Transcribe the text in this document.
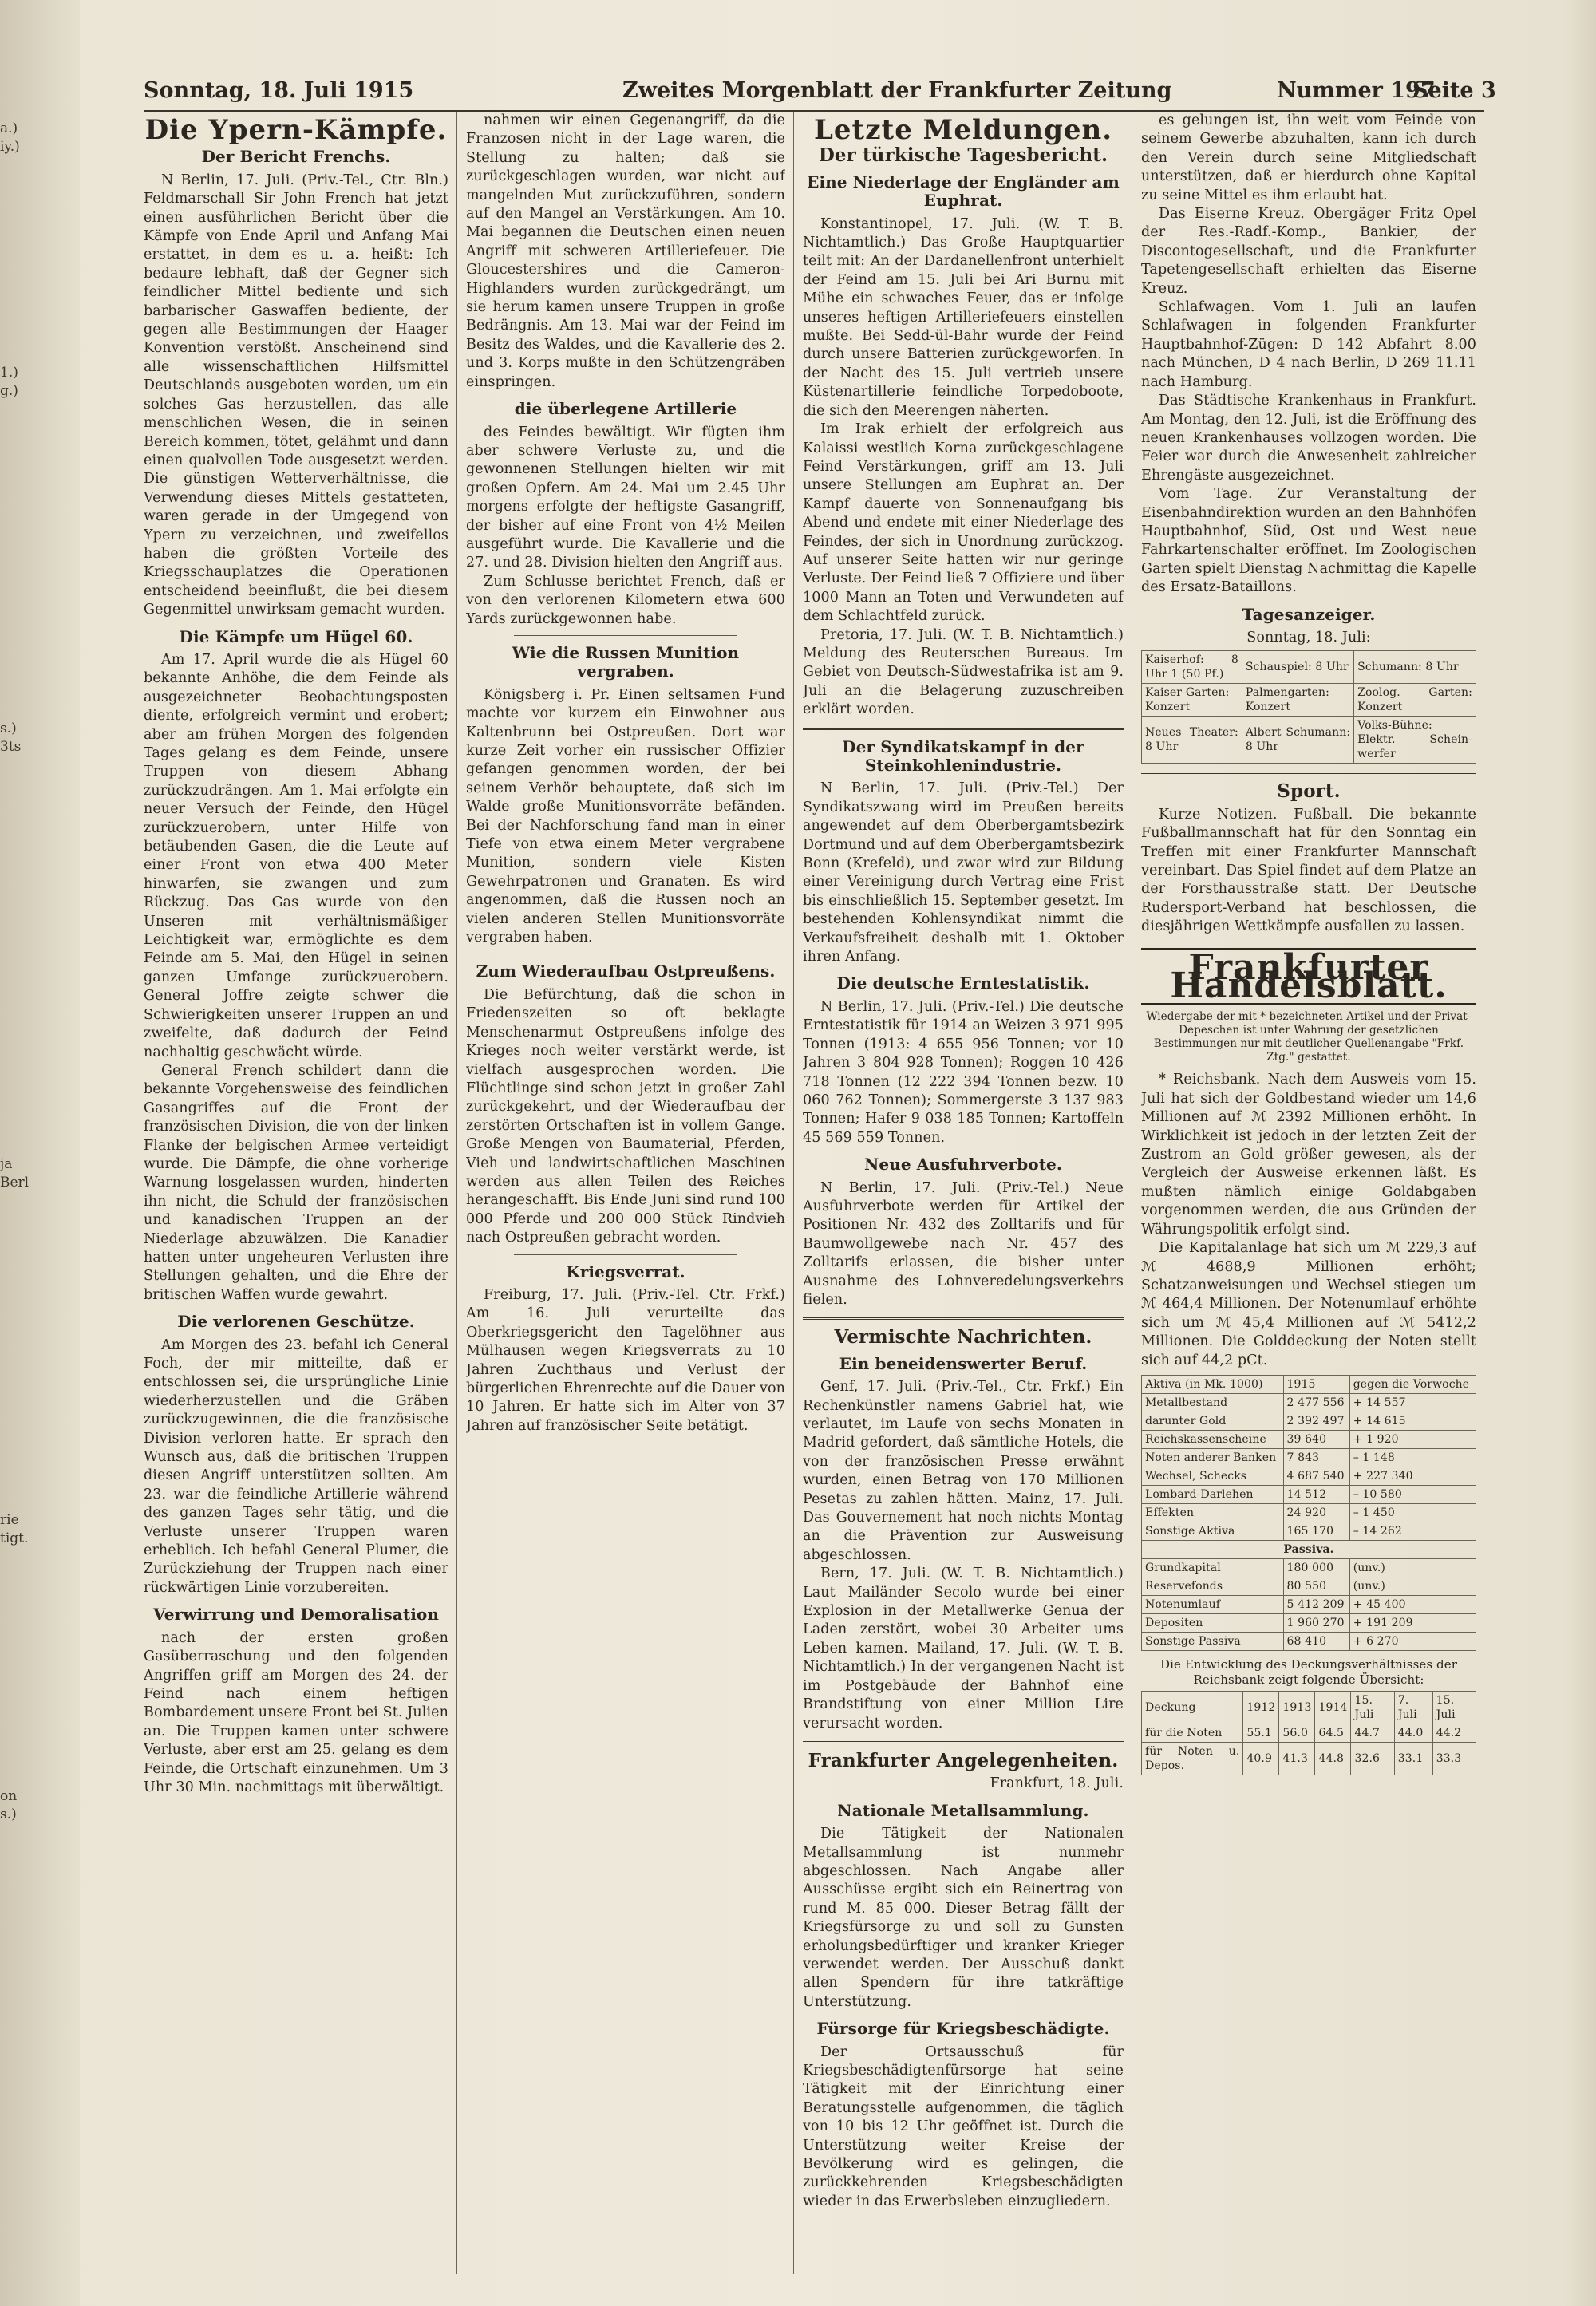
a.)
iy.)
1.)
g.)
s.)
3ts
ja
Berl
rie
tigt.
on
s.)
Sonntag, 18. Juli 1915	Zweites Morgenblatt der Frankfurter Zeitung	Nummer 197
Seite 3
Die Ypern-Kämpfe.
Der Bericht Frenchs.

N Berlin, 17. Juli. (Priv.-Tel., Ctr. Bln.) Feldmarschall Sir John French hat jetzt einen ausführlichen Bericht über die Kämpfe von Ende April und Anfang Mai erstattet, in dem es u. a. heißt: Ich bedaure lebhaft, daß der Gegner sich feindlicher Mittel bediente und sich barbarischer Gaswaffen bediente, der gegen alle Bestimmungen der Haager Konvention verstößt. Anscheinend sind alle wissenschaftlichen Hilfsmittel Deutschlands ausgeboten worden, um ein solches Gas herzustellen, das alle menschlichen Wesen, die in seinen Bereich kommen, tötet, gelähmt und dann einen qualvollen Tode ausgesetzt werden. Die günstigen Wetterverhältnisse, die Verwendung dieses Mittels gestatteten, waren gerade in der Umgegend von Ypern zu verzeichnen, und zweifellos haben die größten Vorteile des Kriegsschauplatzes die Operationen entscheidend beeinflußt, die bei diesem Gegenmittel unwirksam gemacht wurden.

Die Kämpfe um Hügel 60.

Am 17. April wurde die als Hügel 60 bekannte Anhöhe, die dem Feinde als ausgezeichneter Beobachtungsposten diente, erfolgreich vermint und erobert; aber am frühen Morgen des folgenden Tages gelang es dem Feinde, unsere Truppen von diesem Abhang zurückzudrängen. Am 1. Mai erfolgte ein neuer Versuch der Feinde, den Hügel zurückzuerobern, unter Hilfe von betäubenden Gasen, die die Leute auf einer Front von etwa 400 Meter hinwarfen, sie zwangen und zum Rückzug. Das Gas wurde von den Unseren mit verhältnismäßiger Leichtigkeit war, ermöglichte es dem Feinde am 5. Mai, den Hügel in seinen ganzen Umfange zurückzuerobern. General Joffre zeigte schwer die Schwierigkeiten unserer Truppen an und zweifelte, daß dadurch der Feind nachhaltig geschwächt würde.

General French schildert dann die bekannte Vorgehensweise des feindlichen Gasangriffes auf die Front der französischen Division, die von der linken Flanke der belgischen Armee verteidigt wurde. Die Dämpfe, die ohne vorherige Warnung losgelassen wurden, hinderten ihn nicht, die Schuld der französischen und kanadischen Truppen an der Niederlage abzuwälzen. Die Kanadier hatten unter ungeheuren Verlusten ihre Stellungen gehalten, und die Ehre der britischen Waffen wurde gewahrt.

Die verlorenen Geschütze.

Am Morgen des 23. befahl ich General Foch, der mir mitteilte, daß er entschlossen sei, die ursprüngliche Linie wiederherzustellen und die Gräben zurückzugewinnen, die die französische Division verloren hatte. Er sprach den Wunsch aus, daß die britischen Truppen diesen Angriff unterstützen sollten. Am 23. war die feindliche Artillerie während des ganzen Tages sehr tätig, und die Verluste unserer Truppen waren erheblich. Ich befahl General Plumer, die Zurückziehung der Truppen nach einer rückwärtigen Linie vorzubereiten.

Verwirrung und Demoralisation

nach der ersten großen Gasüberraschung und den folgenden Angriffen griff am Morgen des 24. der Feind nach einem heftigen Bombardement unsere Front bei St. Julien an. Die Truppen kamen unter schwere Verluste, aber erst am 25. gelang es dem Feinde, die Ortschaft einzunehmen. Um 3 Uhr 30 Min. nachmittags mit überwältigt.

nahmen wir einen Gegenangriff, da die Franzosen nicht in der Lage waren, die Stellung zu halten; daß sie zurückgeschlagen wurden, war nicht auf mangelnden Mut zurückzuführen, sondern auf den Mangel an Verstärkungen. Am 10. Mai begannen die Deutschen einen neuen Angriff mit schweren Artilleriefeuer. Die Gloucestershires und die Cameron-Highlanders wurden zurückgedrängt, um sie herum kamen unsere Truppen in große Bedrängnis. Am 13. Mai war der Feind im Besitz des Waldes, und die Kavallerie des 2. und 3. Korps mußte in den Schützengräben einspringen.

die überlegene Artillerie

des Feindes bewältigt. Wir fügten ihm aber schwere Verluste zu, und die gewonnenen Stellungen hielten wir mit großen Opfern. Am 24. Mai um 2.45 Uhr morgens erfolgte der heftigste Gasangriff, der bisher auf eine Front von 4½ Meilen ausgeführt wurde. Die Kavallerie und die 27. und 28. Division hielten den Angriff aus.

Zum Schlusse berichtet French, daß er von den verlorenen Kilometern etwa 600 Yards zurückgewonnen habe.

Wie die Russen Munition vergraben.

Königsberg i. Pr. Einen seltsamen Fund machte vor kurzem ein Einwohner aus Kaltenbrunn bei Ostpreußen. Dort war kurze Zeit vorher ein russischer Offizier gefangen genommen worden, der bei seinem Verhör behauptete, daß sich im Walde große Munitionsvorräte befänden. Bei der Nachforschung fand man in einer Tiefe von etwa einem Meter vergrabene Munition, sondern viele Kisten Gewehrpatronen und Granaten. Es wird angenommen, daß die Russen noch an vielen anderen Stellen Munitionsvorräte vergraben haben.

Zum Wiederaufbau Ostpreußens.

Die Befürchtung, daß die schon in Friedenszeiten so oft beklagte Menschenarmut Ostpreußens infolge des Krieges noch weiter verstärkt werde, ist vielfach ausgesprochen worden. Die Flüchtlinge sind schon jetzt in großer Zahl zurückgekehrt, und der Wiederaufbau der zerstörten Ortschaften ist in vollem Gange. Große Mengen von Baumaterial, Pferden, Vieh und landwirtschaftlichen Maschinen werden aus allen Teilen des Reiches herangeschafft. Bis Ende Juni sind rund 100 000 Pferde und 200 000 Stück Rindvieh nach Ostpreußen gebracht worden.

Kriegsverrat.

Freiburg, 17. Juli. (Priv.-Tel. Ctr. Frkf.) Am 16. Juli verurteilte das Oberkriegsgericht den Tagelöhner aus Mülhausen wegen Kriegsverrats zu 10 Jahren Zuchthaus und Verlust der bürgerlichen Ehrenrechte auf die Dauer von 10 Jahren. Er hatte sich im Alter von 37 Jahren auf französischer Seite betätigt.

Letzte Meldungen.
Der türkische Tagesbericht.
Eine Niederlage der Engländer am Euphrat.

Konstantinopel, 17. Juli. (W. T. B. Nichtamtlich.) Das Große Hauptquartier teilt mit: An der Dardanellenfront unterhielt der Feind am 15. Juli bei Ari Burnu mit Mühe ein schwaches Feuer, das er infolge unseres heftigen Artilleriefeuers einstellen mußte. Bei Sedd-ül-Bahr wurde der Feind durch unsere Batterien zurückgeworfen. In der Nacht des 15. Juli vertrieb unsere Küstenartillerie feindliche Torpedoboote, die sich den Meerengen näherten.

Im Irak erhielt der erfolgreich aus Kalaissi westlich Korna zurückgeschlagene Feind Verstärkungen, griff am 13. Juli unsere Stellungen am Euphrat an. Der Kampf dauerte von Sonnenaufgang bis Abend und endete mit einer Niederlage des Feindes, der sich in Unordnung zurückzog. Auf unserer Seite hatten wir nur geringe Verluste. Der Feind ließ 7 Offiziere und über 1000 Mann an Toten und Verwundeten auf dem Schlachtfeld zurück.

Pretoria, 17. Juli. (W. T. B. Nichtamtlich.) Meldung des Reuterschen Bureaus. Im Gebiet von Deutsch-Südwestafrika ist am 9. Juli an die Belagerung zuzuschreiben erklärt worden.

Der Syndikatskampf in der Steinkohlenindustrie.

N Berlin, 17. Juli. (Priv.-Tel.) Der Syndikatszwang wird im Preußen bereits angewendet auf dem Oberbergamtsbezirk Dortmund und auf dem Oberbergamtsbezirk Bonn (Krefeld), und zwar wird zur Bildung einer Vereinigung durch Vertrag eine Frist bis einschließlich 15. September gesetzt. Im bestehenden Kohlensyndikat nimmt die Verkaufsfreiheit deshalb mit 1. Oktober ihren Anfang.

Die deutsche Erntestatistik.

N Berlin, 17. Juli. (Priv.-Tel.) Die deutsche Erntestatistik für 1914 an Weizen 3 971 995 Tonnen (1913: 4 655 956 Tonnen; vor 10 Jahren 3 804 928 Tonnen); Roggen 10 426 718 Tonnen (12 222 394 Tonnen bezw. 10 060 762 Tonnen); Sommergerste 3 137 983 Tonnen; Hafer 9 038 185 Tonnen; Kartoffeln 45 569 559 Tonnen.

Neue Ausfuhrverbote.

N Berlin, 17. Juli. (Priv.-Tel.) Neue Ausfuhrverbote werden für Artikel der Positionen Nr. 432 des Zolltarifs und für Baumwollgewebe nach Nr. 457 des Zolltarifs erlassen, die bisher unter Ausnahme des Lohnveredelungsverkehrs fielen.

Vermischte Nachrichten.
Ein beneidenswerter Beruf.

Genf, 17. Juli. (Priv.-Tel., Ctr. Frkf.) Ein Rechenkünstler namens Gabriel hat, wie verlautet, im Laufe von sechs Monaten in Madrid gefordert, daß sämtliche Hotels, die von der französischen Presse erwähnt wurden, einen Betrag von 170 Millionen Pesetas zu zahlen hätten. Mainz, 17. Juli. Das Gouvernement hat noch nichts Montag an die Prävention zur Ausweisung abgeschlossen.

Bern, 17. Juli. (W. T. B. Nichtamtlich.) Laut Mailänder Secolo wurde bei einer Explosion in der Metallwerke Genua der Laden zerstört, wobei 30 Arbeiter ums Leben kamen. Mailand, 17. Juli. (W. T. B. Nichtamtlich.) In der vergangenen Nacht ist im Postgebäude der Bahnhof eine Brandstiftung von einer Million Lire verursacht worden.

Frankfurter Angelegenheiten.
Frankfurt, 18. Juli.
Nationale Metallsammlung.

Die Tätigkeit der Nationalen Metallsammlung ist nunmehr abgeschlossen. Nach Angabe aller Ausschüsse ergibt sich ein Reinertrag von rund M. 85 000. Dieser Betrag fällt der Kriegsfürsorge zu und soll zu Gunsten erholungsbedürftiger und kranker Krieger verwendet werden. Der Ausschuß dankt allen Spendern für ihre tatkräftige Unterstützung.

Fürsorge für Kriegsbeschädigte.

Der Ortsausschuß für Kriegsbeschädigtenfürsorge hat seine Tätigkeit mit der Einrichtung einer Beratungsstelle aufgenommen, die täglich von 10 bis 12 Uhr geöffnet ist. Durch die Unterstützung weiter Kreise der Bevölkerung wird es gelingen, die zurückkehrenden Kriegsbeschädigten wieder in das Erwerbsleben einzugliedern.

es gelungen ist, ihn weit vom Feinde von seinem Gewerbe abzuhalten, kann ich durch den Verein durch seine Mitgliedschaft unterstützen, daß er hierdurch ohne Kapital zu seine Mittel es ihm erlaubt hat.

Das Eiserne Kreuz. Obergäger Fritz Opel der Res.-Radf.-Komp., Bankier, der Discontogesellschaft, und die Frankfurter Tapetengesellschaft erhielten das Eiserne Kreuz.

Schlafwagen. Vom 1. Juli an laufen Schlafwagen in folgenden Frankfurter Hauptbahnhof-Zügen: D 142 Abfahrt 8.00 nach München, D 4 nach Berlin, D 269 11.11 nach Hamburg.

Das Städtische Krankenhaus in Frankfurt. Am Montag, den 12. Juli, ist die Eröffnung des neuen Krankenhauses vollzogen worden. Die Feier war durch die Anwesenheit zahlreicher Ehrengäste ausgezeichnet.

Vom Tage. Zur Veranstaltung der Eisenbahndirektion wurden an den Bahnhöfen Hauptbahnhof, Süd, Ost und West neue Fahrkartenschalter eröffnet. Im Zoologischen Garten spielt Dienstag Nachmittag die Kapelle des Ersatz-Bataillons.

Tagesanzeiger.
Sonntag, 18. Juli:
Kaiserhof: 8 Uhr 1 (50 Pf.)	Schauspiel: 8 Uhr	Schumann: 8 Uhr
Kaiser-Garten: Konzert	Palmengarten: Konzert	Zoolog. Garten: Konzert
Neues Theater: 8 Uhr	Albert Schumann: 8 Uhr	Volks-Bühne: Elektr. Schein-werfer
Sport.

Kurze Notizen. Fußball. Die bekannte Fußballmannschaft hat für den Sonntag ein Treffen mit einer Frankfurter Mannschaft vereinbart. Das Spiel findet auf dem Platze an der Forsthausstraße statt. Der Deutsche Rudersport-Verband hat beschlossen, die diesjährigen Wettkämpfe ausfallen zu lassen.

Frankfurter Handelsblatt.
Wiedergabe der mit * bezeichneten Artikel und der Privat-Depeschen ist unter Wahrung der gesetzlichen Bestimmungen nur mit deutlicher Quellenangabe "Frkf. Ztg." gestattet.

* Reichsbank. Nach dem Ausweis vom 15. Juli hat sich der Goldbestand wieder um 14,6 Millionen auf ℳ 2392 Millionen erhöht. In Wirklichkeit ist jedoch in der letzten Zeit der Zustrom an Gold größer gewesen, als der Vergleich der Ausweise erkennen läßt. Es mußten nämlich einige Goldabgaben vorgenommen werden, die aus Gründen der Währungspolitik erfolgt sind.

Die Kapitalanlage hat sich um ℳ 229,3 auf ℳ 4688,9 Millionen erhöht; Schatzanweisungen und Wechsel stiegen um ℳ 464,4 Millionen. Der Notenumlauf erhöhte sich um ℳ 45,4 Millionen auf ℳ 5412,2 Millionen. Die Golddeckung der Noten stellt sich auf 44,2 pCt.

Aktiva (in Mk. 1000)	1915	gegen die Vorwoche
Metallbestand	2 477 556	+ 14 557
darunter Gold	2 392 497	+ 14 615
Reichskassenscheine	39 640	+ 1 920
Noten anderer Banken	7 843	– 1 148
Wechsel, Schecks	4 687 540	+ 227 340
Lombard-Darlehen	14 512	– 10 580
Effekten	24 920	– 1 450
Sonstige Aktiva	165 170	– 14 262
Passiva.		
Grundkapital	180 000	(unv.)
Reservefonds	80 550	(unv.)
Notenumlauf	5 412 209	+ 45 400
Depositen	1 960 270	+ 191 209
Sonstige Passiva	68 410	+ 6 270
Die Entwicklung des Deckungsverhältnisses der Reichsbank zeigt folgende Übersicht:
Deckung	1912	1913	1914	15. Juli	7. Juli	15. Juli
für die Noten	55.1	56.0	64.5	44.7	44.0	44.2
für Noten u. Depos.	40.9	41.3	44.8	32.6	33.1	33.3
